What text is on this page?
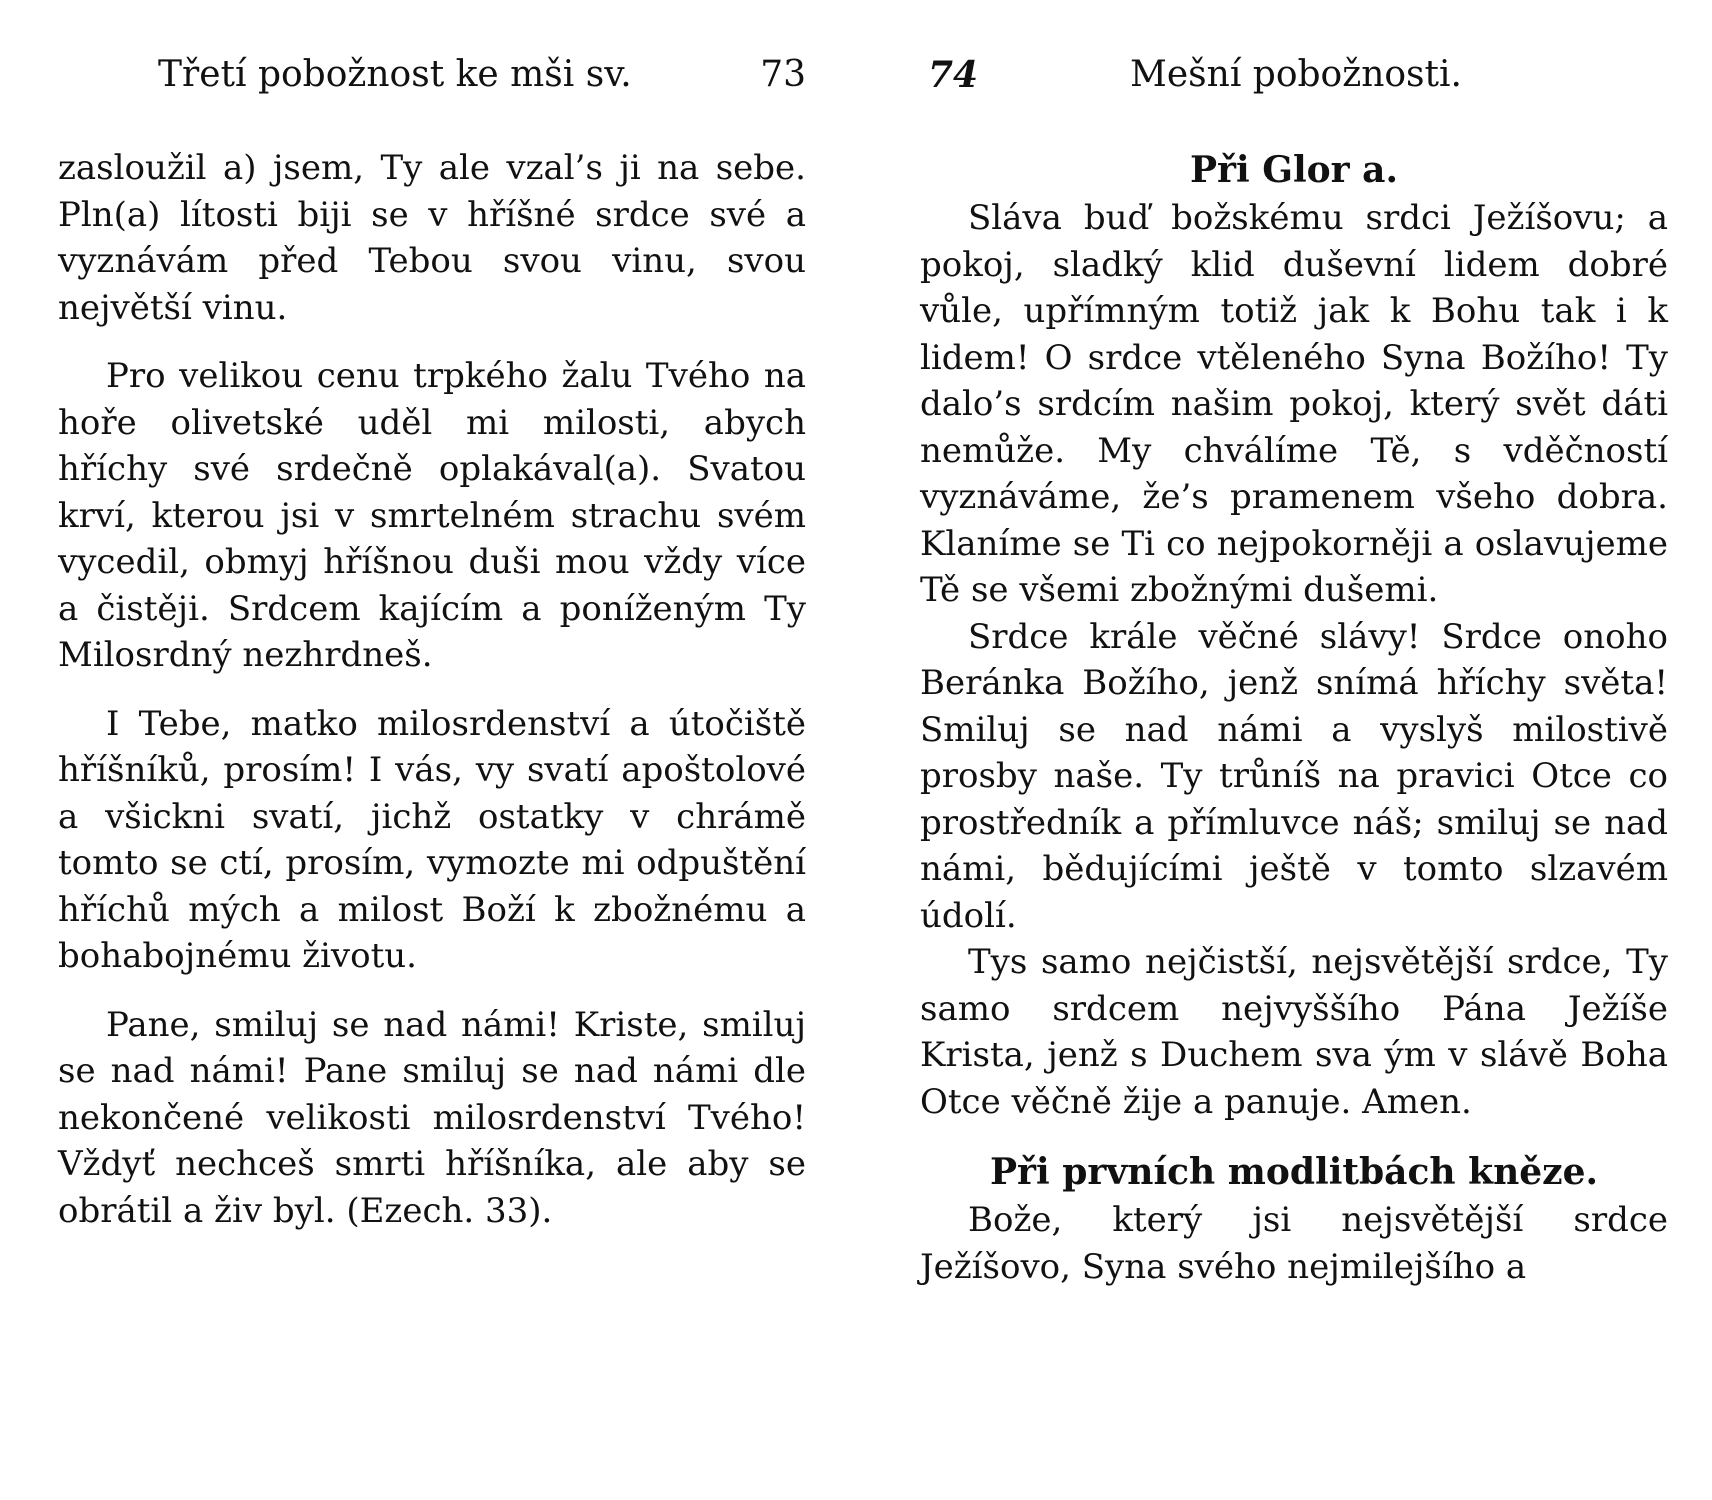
Třetí pobožnost ke mši sv.	73

zasloužil a) jsem, Ty ale vzal’s ji na sebe. Pln(a) lítosti biji se v hříšné srdce své a vyznávám před Tebou svou vinu, svou největší vinu.

Pro velikou cenu trpkého žalu Tvého na hoře olivetské uděl mi milosti, abych hříchy své srdečně oplakával(a). Svatou krví, kterou jsi v smrtelném strachu svém vycedil, obmyj hříšnou duši mou vždy více a čistěji. Srdcem kajícím a poníženým Ty Milosrdný nezhrdneš.

I Tebe, matko milosrdenství a útočiště hříšníků, prosím! I vás, vy svatí apoštolové a všickni svatí, jichž ostatky v chrámě tomto se ctí, prosím, vymozte mi odpuštění hříchů mých a milost Boží k zbožnému a bohabojnému životu.

Pane, smiluj se nad námi! Kriste, smiluj se nad námi! Pane smiluj se nad námi dle nekončené velikosti milosrdenství Tvého! Vždyť nechceš smrti hříšníka, ale aby se obrátil a živ byl. (Ezech. 33).

74	Mešní pobožnosti.

Při Glor a.

Sláva buď božskému srdci Ježíšovu; a pokoj, sladký klid duševní lidem dobré vůle, upřímným totiž jak k Bohu tak i k lidem! O srdce vtěleného Syna Božího! Ty dalo’s srdcím našim pokoj, který svět dáti nemůže. My chválíme Tě, s vděčností vyznáváme, že’s pramenem všeho dobra. Klaníme se Ti co nejpokorněji a oslavujeme Tě se všemi zbožnými dušemi.

Srdce krále věčné slávy! Srdce onoho Beránka Božího, jenž snímá hříchy světa! Smiluj se nad námi a vyslyš milostivě prosby naše. Ty trůníš na pravici Otce co prostředník a přímluvce náš; smiluj se nad námi, bědujícími ještě v tomto slzavém údolí.

Tys samo nejčistší, nejsvětější srdce, Ty samo srdcem nejvyššího Pána Ježíše Krista, jenž s Duchem sva ým v slávě Boha Otce věčně žije a panuje. Amen.

Při prvních modlitbách kněze.

Bože, který jsi nejsvětější srdce Ježíšovo, Syna svého nejmilejšího a
